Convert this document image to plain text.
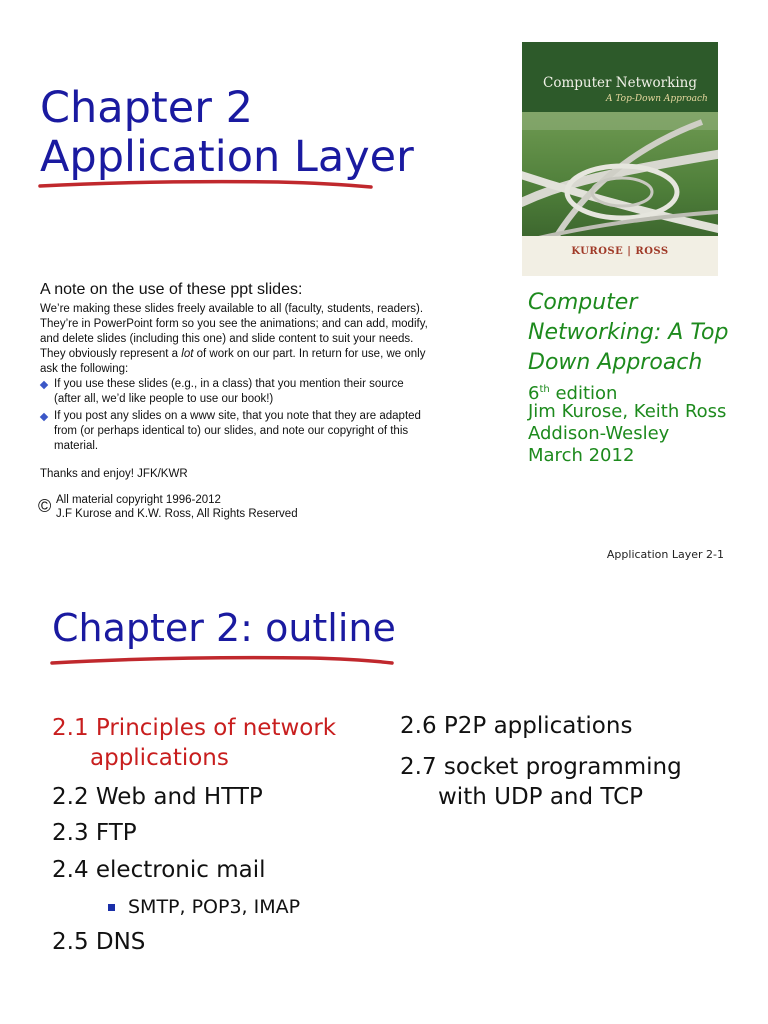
Chapter 2
Application Layer
Computer Networking
A Top-Down Approach
KUROSE | ROSS
Computer
Networking: A Top
Down Approach
6th edition
Jim Kurose, Keith Ross
Addison-Wesley
March 2012
A note on the use of these ppt slides:
We’re making these slides freely available to all (faculty, students, readers).
They’re in PowerPoint form so you see the animations; and can add, modify,
and delete slides (including this one) and slide content to suit your needs.
They obviously represent a lot of work on our part. In return for use, we only
ask the following:
If you use these slides (e.g., in a class) that you mention their source
(after all, we’d like people to use our book!)
If you post any slides on a www site, that you note that they are adapted
from (or perhaps identical to) our slides, and note our copyright of this
material.
Thanks and enjoy! JFK/KWR
© All material copyright 1996-2012
J.F Kurose and K.W. Ross, All Rights Reserved
Application Layer 2-1
Chapter 2: outline
2.1 Principles of network
applications
2.2 Web and HTTP
2.3 FTP
2.4 electronic mail
SMTP, POP3, IMAP
2.5 DNS
2.6 P2P applications
2.7 socket programming
with UDP and TCP
